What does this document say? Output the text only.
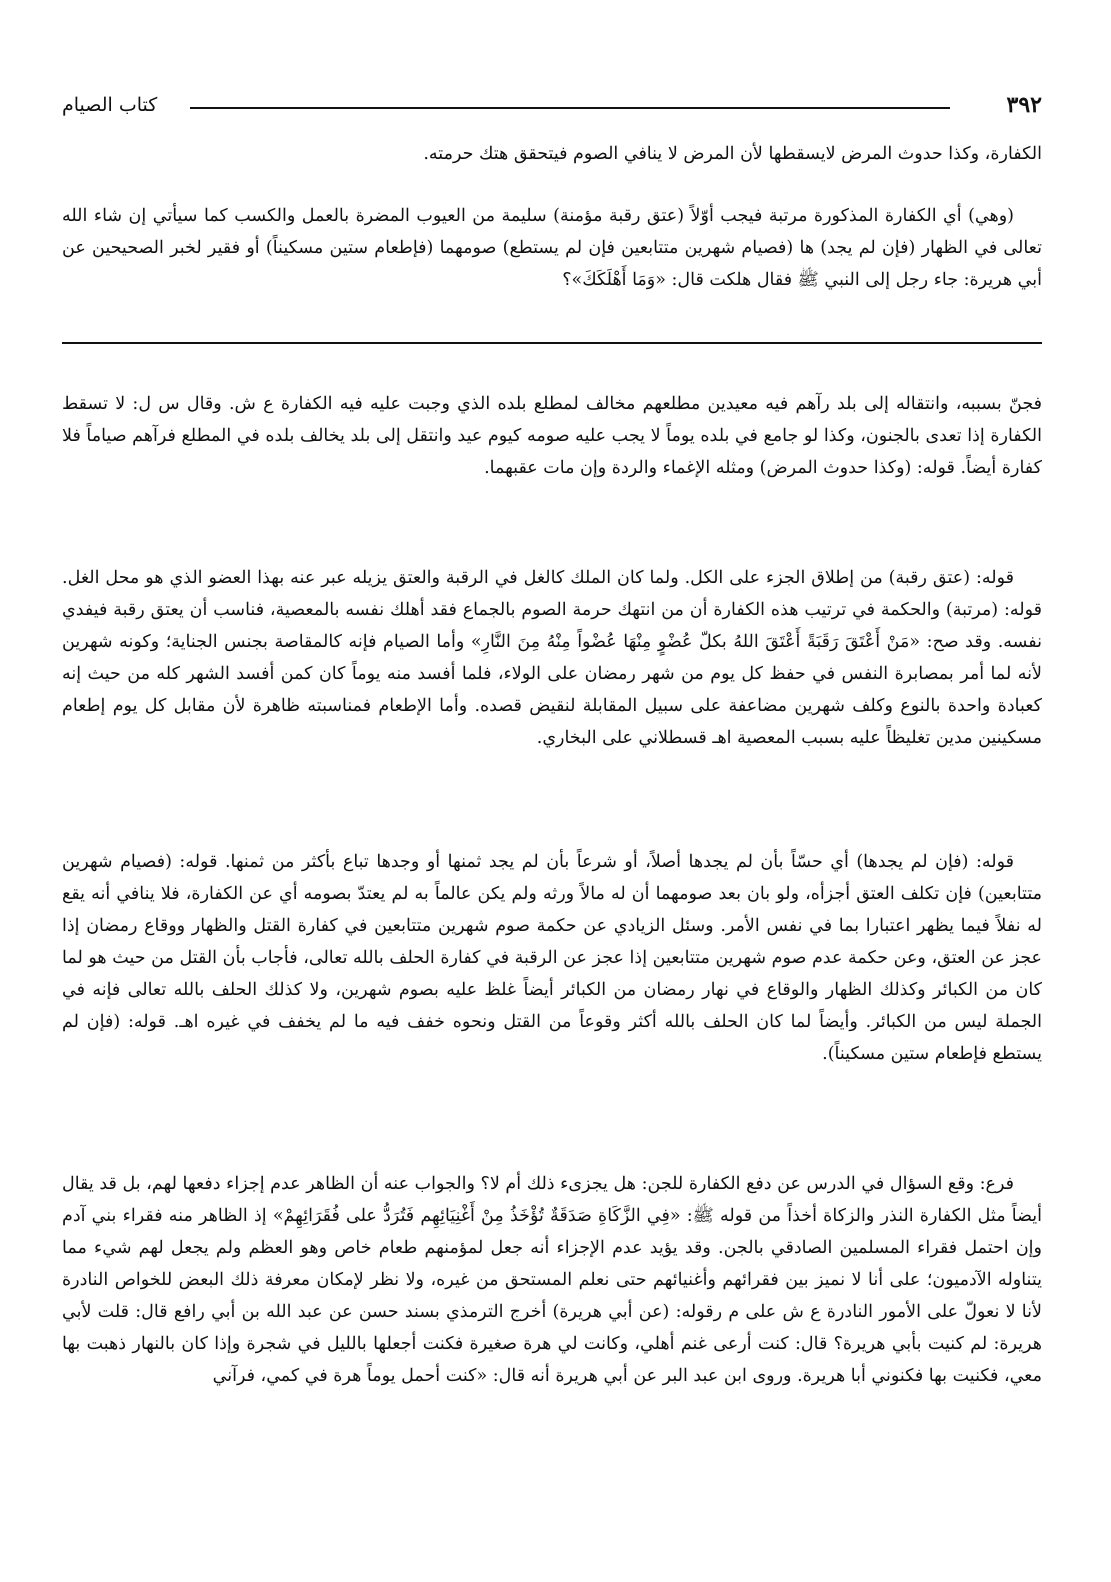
٣٩٢
كتاب الصيام

الكفارة، وكذا حدوث المرض لايسقطها لأن المرض لا ينافي الصوم فيتحقق هتك حرمته.

(وهي) أي الكفارة المذكورة مرتبة فيجب أوّلاً (عتق رقبة مؤمنة) سليمة من العيوب المضرة بالعمل والكسب كما سيأتي إن شاء الله تعالى في الظهار (فإن لم يجد) ها (فصيام شهرين متتابعين فإن لم يستطع) صومهما (فإطعام ستين مسكيناً) أو فقير لخبر الصحيحين عن أبي هريرة: جاء رجل إلى النبي ﷺ فقال هلكت قال: «وَمَا أَهْلَكَكَ»؟

فجنّ بسببه، وانتقاله إلى بلد رآهم فيه معيدين مطلعهم مخالف لمطلع بلده الذي وجبت عليه فيه الكفارة ع ش. وقال س ل: لا تسقط الكفارة إذا تعدى بالجنون، وكذا لو جامع في بلده يوماً لا يجب عليه صومه كيوم عيد وانتقل إلى بلد يخالف بلده في المطلع فرآهم صياماً فلا كفارة أيضاً. قوله: (وكذا حدوث المرض) ومثله الإغماء والردة وإن مات عقبهما.

قوله: (عتق رقبة) من إطلاق الجزء على الكل. ولما كان الملك كالغل في الرقبة والعتق يزيله عبر عنه بهذا العضو الذي هو محل الغل. قوله: (مرتبة) والحكمة في ترتيب هذه الكفارة أن من انتهك حرمة الصوم بالجماع فقد أهلك نفسه بالمعصية، فناسب أن يعتق رقبة فيفدي نفسه. وقد صح: «مَنْ أَعْتَقَ رَقَبَةً أَعْتَقَ اللهُ بكلّ عُضْوٍ مِنْهَا عُضْواً مِنْهُ مِنَ النَّارِ» وأما الصيام فإنه كالمقاصة بجنس الجناية؛ وكونه شهرين لأنه لما أمر بمصابرة النفس في حفظ كل يوم من شهر رمضان على الولاء، فلما أفسد منه يوماً كان كمن أفسد الشهر كله من حيث إنه كعبادة واحدة بالنوع وكلف شهرين مضاعفة على سبيل المقابلة لنقيض قصده. وأما الإطعام فمناسبته ظاهرة لأن مقابل كل يوم إطعام مسكينين مدين تغليظاً عليه بسبب المعصية اهـ قسطلاني على البخاري.

قوله: (فإن لم يجدها) أي حسّاً بأن لم يجدها أصلاً، أو شرعاً بأن لم يجد ثمنها أو وجدها تباع بأكثر من ثمنها. قوله: (فصيام شهرين متتابعين) فإن تكلف العتق أجزأه، ولو بان بعد صومهما أن له مالاً ورثه ولم يكن عالماً به لم يعتدّ بصومه أي عن الكفارة، فلا ينافي أنه يقع له نفلاً فيما يظهر اعتبارا بما في نفس الأمر. وسئل الزيادي عن حكمة صوم شهرين متتابعين في كفارة القتل والظهار ووقاع رمضان إذا عجز عن العتق، وعن حكمة عدم صوم شهرين متتابعين إذا عجز عن الرقبة في كفارة الحلف بالله تعالى، فأجاب بأن القتل من حيث هو لما كان من الكبائر وكذلك الظهار والوقاع في نهار رمضان من الكبائر أيضاً غلظ عليه بصوم شهرين، ولا كذلك الحلف بالله تعالى فإنه في الجملة ليس من الكبائر. وأيضاً لما كان الحلف بالله أكثر وقوعاً من القتل ونحوه خفف فيه ما لم يخفف في غيره اهـ. قوله: (فإن لم يستطع فإطعام ستين مسكيناً).

فرع: وقع السؤال في الدرس عن دفع الكفارة للجن: هل يجزىء ذلك أم لا؟ والجواب عنه أن الظاهر عدم إجزاء دفعها لهم، بل قد يقال أيضاً مثل الكفارة النذر والزكاة أخذاً من قوله ﷺ: «فِي الزَّكَاةِ صَدَقَةٌ تُؤْخَذُ مِنْ أَغْنِيَائِهِم فَتُرَدُّ على فُقَرَائِهِمْ» إذ الظاهر منه فقراء بني آدم وإن احتمل فقراء المسلمين الصادقي بالجن. وقد يؤيد عدم الإجزاء أنه جعل لمؤمنهم طعام خاص وهو العظم ولم يجعل لهم شيء مما يتناوله الآدميون؛ على أنا لا نميز بين فقرائهم وأغنيائهم حتى نعلم المستحق من غيره، ولا نظر لإمكان معرفة ذلك البعض للخواص النادرة لأنا لا نعولّ على الأمور النادرة ع ش على م رقوله: (عن أبي هريرة) أخرج الترمذي بسند حسن عن عبد الله بن أبي رافع قال: قلت لأبي هريرة: لم كنيت بأبي هريرة؟ قال: كنت أرعى غنم أهلي، وكانت لي هرة صغيرة فكنت أجعلها بالليل في شجرة وإذا كان بالنهار ذهبت بها معي، فكنيت بها فكنوني أبا هريرة. وروى ابن عبد البر عن أبي هريرة أنه قال: «كنت أحمل يوماً هرة في كمي، فرآني
